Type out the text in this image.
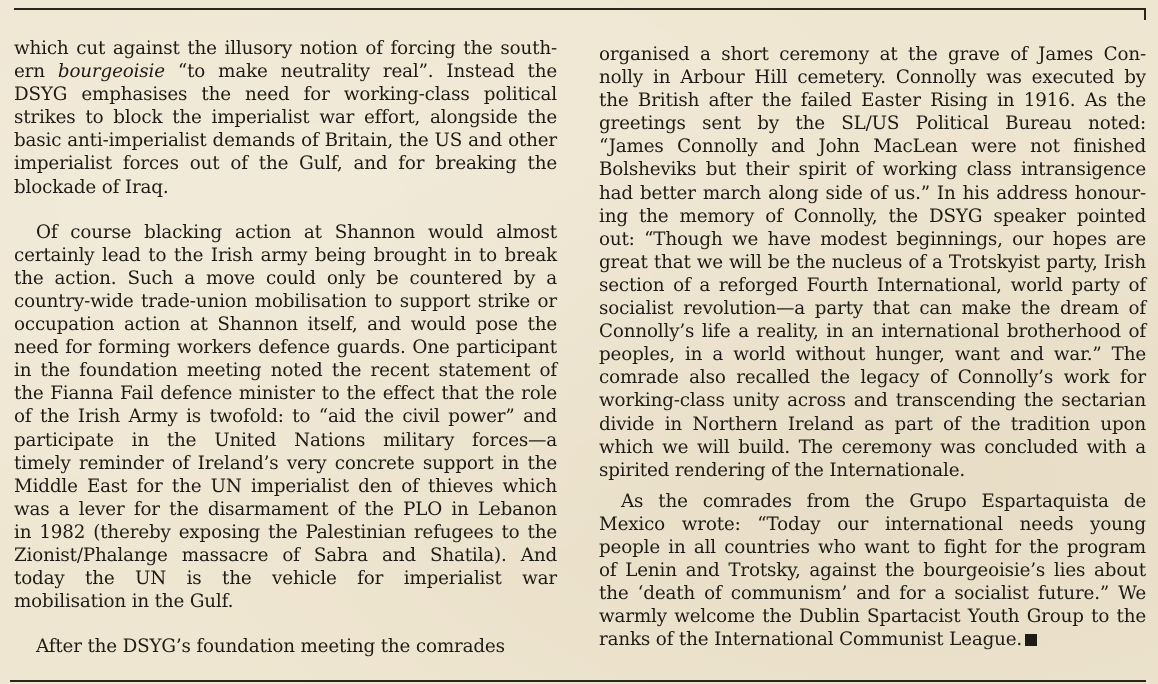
which cut against the illusory notion of forcing the south-
ern bourgeoisie “to make neutrality real”. Instead the
DSYG emphasises the need for working-class political
strikes to block the imperialist war effort, alongside the
basic anti-imperialist demands of Britain, the US and other
imperialist forces out of the Gulf, and for breaking the
blockade of Iraq.
Of course blacking action at Shannon would almost
certainly lead to the Irish army being brought in to break
the action. Such a move could only be countered by a
country-wide trade-union mobilisation to support strike or
occupation action at Shannon itself, and would pose the
need for forming workers defence guards. One participant
in the foundation meeting noted the recent statement of
the Fianna Fail defence minister to the effect that the role
of the Irish Army is twofold: to “aid the civil power” and
participate in the United Nations military forces—a
timely reminder of Ireland’s very concrete support in the
Middle East for the UN imperialist den of thieves which
was a lever for the disarmament of the PLO in Lebanon
in 1982 (thereby exposing the Palestinian refugees to the
Zionist/Phalange massacre of Sabra and Shatila). And
today the UN is the vehicle for imperialist war
mobilisation in the Gulf.
After the DSYG’s foundation meeting the comrades
organised a short ceremony at the grave of James Con-
nolly in Arbour Hill cemetery. Connolly was executed by
the British after the failed Easter Rising in 1916. As the
greetings sent by the SL/US Political Bureau noted:
“James Connolly and John MacLean were not finished
Bolsheviks but their spirit of working class intransigence
had better march along side of us.” In his address honour-
ing the memory of Connolly, the DSYG speaker pointed
out: “Though we have modest beginnings, our hopes are
great that we will be the nucleus of a Trotskyist party, Irish
section of a reforged Fourth International, world party of
socialist revolution—a party that can make the dream of
Connolly’s life a reality, in an international brotherhood of
peoples, in a world without hunger, want and war.” The
comrade also recalled the legacy of Connolly’s work for
working-class unity across and transcending the sectarian
divide in Northern Ireland as part of the tradition upon
which we will build. The ceremony was concluded with a
spirited rendering of the Internationale.
As the comrades from the Grupo Espartaquista de
Mexico wrote: “Today our international needs young
people in all countries who want to fight for the program
of Lenin and Trotsky, against the bourgeoisie’s lies about
the ‘death of communism’ and for a socialist future.” We
warmly welcome the Dublin Spartacist Youth Group to the
ranks of the International Communist League.
